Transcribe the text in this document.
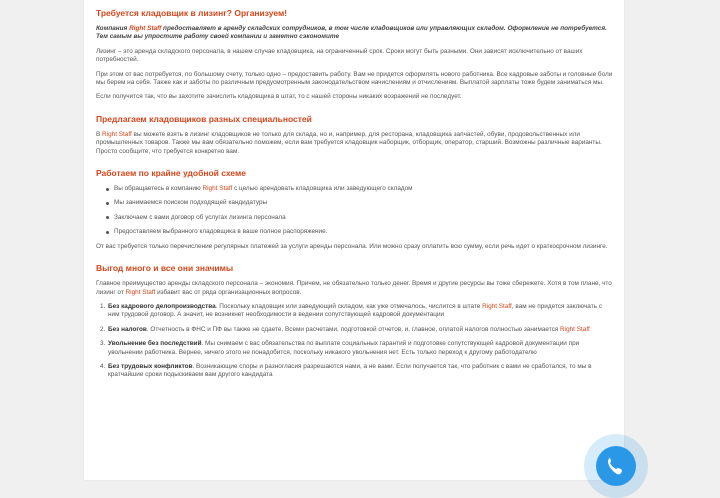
Требуется кладовщик в лизинг? Организуем!

Компания Right Staff предоставляет в аренду складских сотрудников, в том числе кладовщиков или управляющих складом. Оформление не потребуется. Тем самым вы упростите работу своей компании и заметно сэкономите

Лизинг – это аренда складского персонала, в нашем случае кладовщика, на ограниченный срок. Сроки могут быть разными. Они зависят исключительно от ваших потребностей.

При этом от вас потребуется, по большому счету, только одно – предоставить работу. Вам не придется оформлять нового работника. Все кадровые заботы и головные боли мы берем на себя. Также как и заботы по различным предусмотренным законодательством начислениям и отчислениям. Выплатой зарплаты тоже будем заниматься мы.

Если получится так, что вы захотите зачислить кладовщика в штат, то с нашей стороны никаких возражений не последует.

Предлагаем кладовщиков разных специальностей

В Right Staff вы можете взять в лизинг кладовщиков не только для склада, но и, например, для ресторана, кладовщика запчастей, обуви, продовольственных или промышленных товаров. Также мы вам обязательно поможем, если вам требуется кладовщик наборщик, отборщик, оператор, старший. Возможны различные варианты. Просто сообщите, что требуется конкретно вам.

Работаем по крайне удобной схеме
Вы обращаетесь в компанию Right Staff с целью арендовать кладовщика или заведующего складом
Мы занимаемся поиском подходящей кандидатуры
Заключаем с вами договор об услугах лизинга персонала
Предоставляем выбранного кладовщика в ваше полное распоряжение.

От вас требуется только перечисление регулярных платежей за услуги аренды персонала. Или можно сразу оплатить всю сумму, если речь идет о краткосрочном лизинге.

Выгод много и все они значимы

Главное преимущество аренды складского персонала – экономия. Причем, не обязательно только денег. Время и другие ресурсы вы тоже сбережете. Хотя в том плане, что лизинг от Right Staff избавит вас от ряда организационных вопросов.

1. Без кадрового делопроизводства. Поскольку кладовщик или заведующий складом, как уже отмечалось, числится в штате Right Staff, вам не придется заключать с ним трудовой договор. А значит, не возникнет необходимости в ведении сопутствующей кадровой документации
2. Без налогов. Отчетность в ФНС и ПФ вы также не сдаете. Всеми расчетами, подготовкой отчетов, и, главное, оплатой налогов полностью занимается Right Staff
3. Увольнение без последствий. Мы снимаем с вас обязательства по выплате социальных гарантий и подготовке сопутствующей кадровой документации при увольнении работника. Вернее, ничего этого не понадобится, поскольку никакого увольнения нет. Есть только переход к другому работодателю
4. Без трудовых конфликтов. Возникающие споры и разногласия разрешаются нами, а не вами. Если получается так, что работник с вами не сработался, то мы в кратчайшие сроки подыскиваем вам другого кандидата
